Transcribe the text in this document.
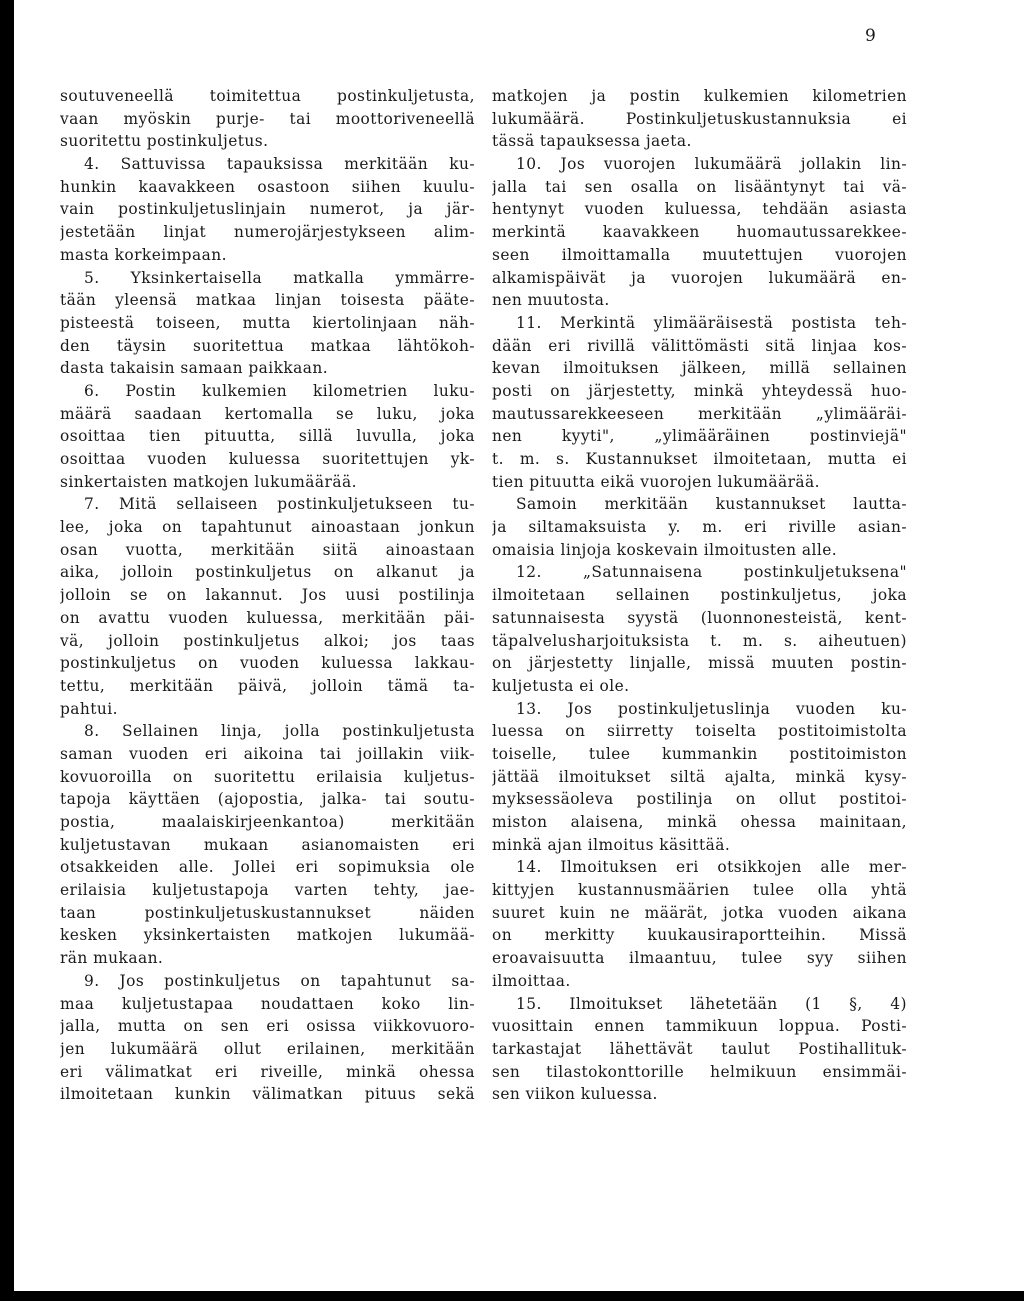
9
soutuveneellä toimitettua postinkuljetusta,
vaan myöskin purje- tai moottoriveneellä
suoritettu postinkuljetus.
4. Sattuvissa tapauksissa merkitään ku-
hunkin kaavakkeen osastoon siihen kuulu-
vain postinkuljetuslinjain numerot, ja jär-
jestetään linjat numerojärjestykseen alim-
masta korkeimpaan.
5. Yksinkertaisella matkalla ymmärre-
tään yleensä matkaa linjan toisesta pääte-
pisteestä toiseen, mutta kiertolinjaan näh-
den täysin suoritettua matkaa lähtökoh-
dasta takaisin samaan paikkaan.
6. Postin kulkemien kilometrien luku-
määrä saadaan kertomalla se luku, joka
osoittaa tien pituutta, sillä luvulla, joka
osoittaa vuoden kuluessa suoritettujen yk-
sinkertaisten matkojen lukumäärää.
7. Mitä sellaiseen postinkuljetukseen tu-
lee, joka on tapahtunut ainoastaan jonkun
osan vuotta, merkitään siitä ainoastaan
aika, jolloin postinkuljetus on alkanut ja
jolloin se on lakannut. Jos uusi postilinja
on avattu vuoden kuluessa, merkitään päi-
vä, jolloin postinkuljetus alkoi; jos taas
postinkuljetus on vuoden kuluessa lakkau-
tettu, merkitään päivä, jolloin tämä ta-
pahtui.
8. Sellainen linja, jolla postinkuljetusta
saman vuoden eri aikoina tai joillakin viik-
kovuoroilla on suoritettu erilaisia kuljetus-
tapoja käyttäen (ajopostia, jalka- tai soutu-
postia, maalaiskirjeenkantoa) merkitään
kuljetustavan mukaan asianomaisten eri
otsakkeiden alle. Jollei eri sopimuksia ole
erilaisia kuljetustapoja varten tehty, jae-
taan postinkuljetuskustannukset näiden
kesken yksinkertaisten matkojen lukumää-
rän mukaan.
9. Jos postinkuljetus on tapahtunut sa-
maa kuljetustapaa noudattaen koko lin-
jalla, mutta on sen eri osissa viikkovuoro-
jen lukumäärä ollut erilainen, merkitään
eri välimatkat eri riveille, minkä ohessa
ilmoitetaan kunkin välimatkan pituus sekä
matkojen ja postin kulkemien kilometrien
lukumäärä. Postinkuljetuskustannuksia ei
tässä tapauksessa jaeta.
10. Jos vuorojen lukumäärä jollakin lin-
jalla tai sen osalla on lisääntynyt tai vä-
hentynyt vuoden kuluessa, tehdään asiasta
merkintä kaavakkeen huomautussarekkee-
seen ilmoittamalla muutettujen vuorojen
alkamispäivät ja vuorojen lukumäärä en-
nen muutosta.
11. Merkintä ylimääräisestä postista teh-
dään eri rivillä välittömästi sitä linjaa kos-
kevan ilmoituksen jälkeen, millä sellainen
posti on järjestetty, minkä yhteydessä huo-
mautussarekkeeseen merkitään „ylimääräi-
nen kyyti", „ylimääräinen postinviejä"
t. m. s. Kustannukset ilmoitetaan, mutta ei
tien pituutta eikä vuorojen lukumäärää.
Samoin merkitään kustannukset lautta-
ja siltamaksuista y. m. eri riville asian-
omaisia linjoja koskevain ilmoitusten alle.
12. „Satunnaisena postinkuljetuksena"
ilmoitetaan sellainen postinkuljetus, joka
satunnaisesta syystä (luonnonesteistä, kent-
täpalvelusharjoituksista t. m. s. aiheutuen)
on järjestetty linjalle, missä muuten postin-
kuljetusta ei ole.
13. Jos postinkuljetuslinja vuoden ku-
luessa on siirretty toiselta postitoimistolta
toiselle, tulee kummankin postitoimiston
jättää ilmoitukset siltä ajalta, minkä kysy-
myksessäoleva postilinja on ollut postitoi-
miston alaisena, minkä ohessa mainitaan,
minkä ajan ilmoitus käsittää.
14. Ilmoituksen eri otsikkojen alle mer-
kittyjen kustannusmäärien tulee olla yhtä
suuret kuin ne määrät, jotka vuoden aikana
on merkitty kuukausiraportteihin. Missä
eroavaisuutta ilmaantuu, tulee syy siihen
ilmoittaa.
15. Ilmoitukset lähetetään (1 §, 4)
vuosittain ennen tammikuun loppua. Posti-
tarkastajat lähettävät taulut Postihallituk-
sen tilastokonttorille helmikuun ensimmäi-
sen viikon kuluessa.
